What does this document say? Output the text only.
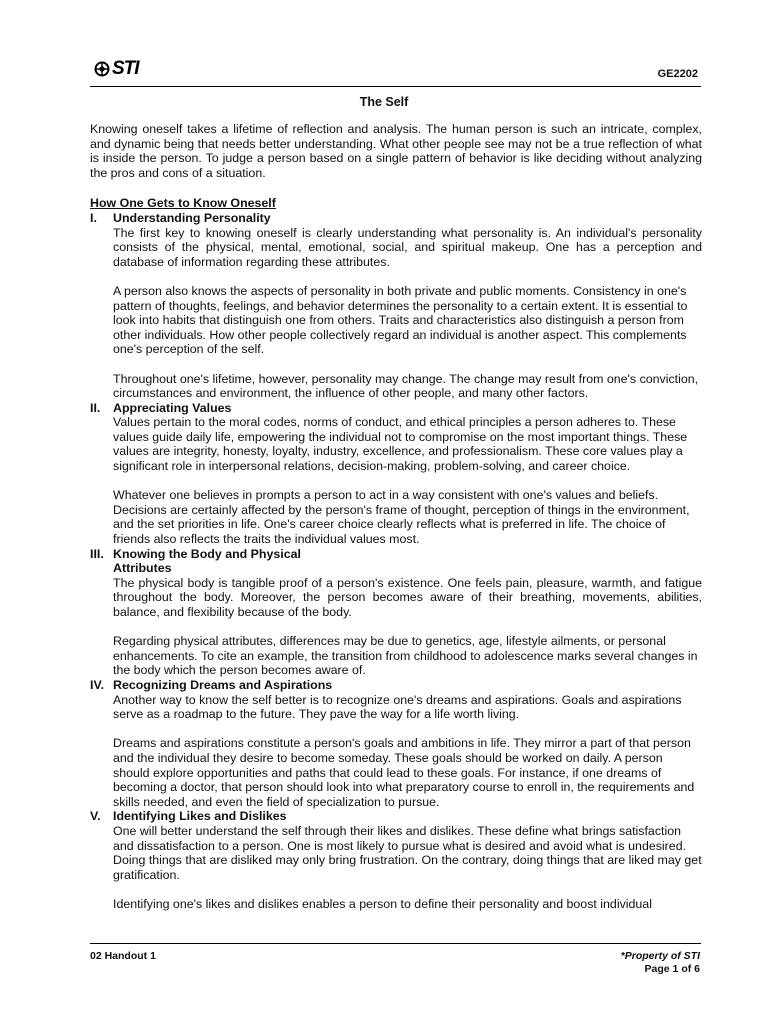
STI	GE2202
The Self

Knowing oneself takes a lifetime of reflection and analysis. The human person is such an intricate, complex, and dynamic being that needs better understanding. What other people see may not be a true reflection of what is inside the person. To judge a person based on a single pattern of behavior is like deciding without analyzing the pros and cons of a situation.

How One Gets to Know Oneself
I.	Understanding Personality

The first key to knowing oneself is clearly understanding what personality is. An individual's personality consists of the physical, mental, emotional, social, and spiritual makeup. One has a perception and database of information regarding these attributes.

A person also knows the aspects of personality in both private and public moments. Consistency in one's pattern of thoughts, feelings, and behavior determines the personality to a certain extent. It is essential to look into habits that distinguish one from others. Traits and characteristics also distinguish a person from other individuals. How other people collectively regard an individual is another aspect. This complements one's perception of the self.

Throughout one's lifetime, however, personality may change. The change may result from one's conviction, circumstances and environment, the influence of other people, and many other factors.

II.	Appreciating Values

Values pertain to the moral codes, norms of conduct, and ethical principles a person adheres to. These values guide daily life, empowering the individual not to compromise on the most important things. These values are integrity, honesty, loyalty, industry, excellence, and professionalism. These core values play a significant role in interpersonal relations, decision-making, problem-solving, and career choice.

Whatever one believes in prompts a person to act in a way consistent with one's values and beliefs. Decisions are certainly affected by the person's frame of thought, perception of things in the environment, and the set priorities in life. One's career choice clearly reflects what is preferred in life. The choice of friends also reflects the traits the individual values most.

III. Knowing the Body and Physical
Attributes

The physical body is tangible proof of a person's existence. One feels pain, pleasure, warmth, and fatigue throughout the body. Moreover, the person becomes aware of their breathing, movements, abilities, balance, and flexibility because of the body.

Regarding physical attributes, differences may be due to genetics, age, lifestyle ailments, or personal enhancements. To cite an example, the transition from childhood to adolescence marks several changes in the body which the person becomes aware of.

IV. Recognizing Dreams and Aspirations

Another way to know the self better is to recognize one's dreams and aspirations. Goals and aspirations serve as a roadmap to the future. They pave the way for a life worth living.

Dreams and aspirations constitute a person's goals and ambitions in life. They mirror a part of that person and the individual they desire to become someday. These goals should be worked on daily. A person should explore opportunities and paths that could lead to these goals. For instance, if one dreams of becoming a doctor, that person should look into what preparatory course to enroll in, the requirements and skills needed, and even the field of specialization to pursue.

V.	Identifying Likes and Dislikes

One will better understand the self through their likes and dislikes. These define what brings satisfaction and dissatisfaction to a person. One is most likely to pursue what is desired and avoid what is undesired. Doing things that are disliked may only bring frustration. On the contrary, doing things that are liked may get gratification.

Identifying one's likes and dislikes enables a person to define their personality and boost individual

02 Handout 1	*Property of STI
Page 1 of 6
